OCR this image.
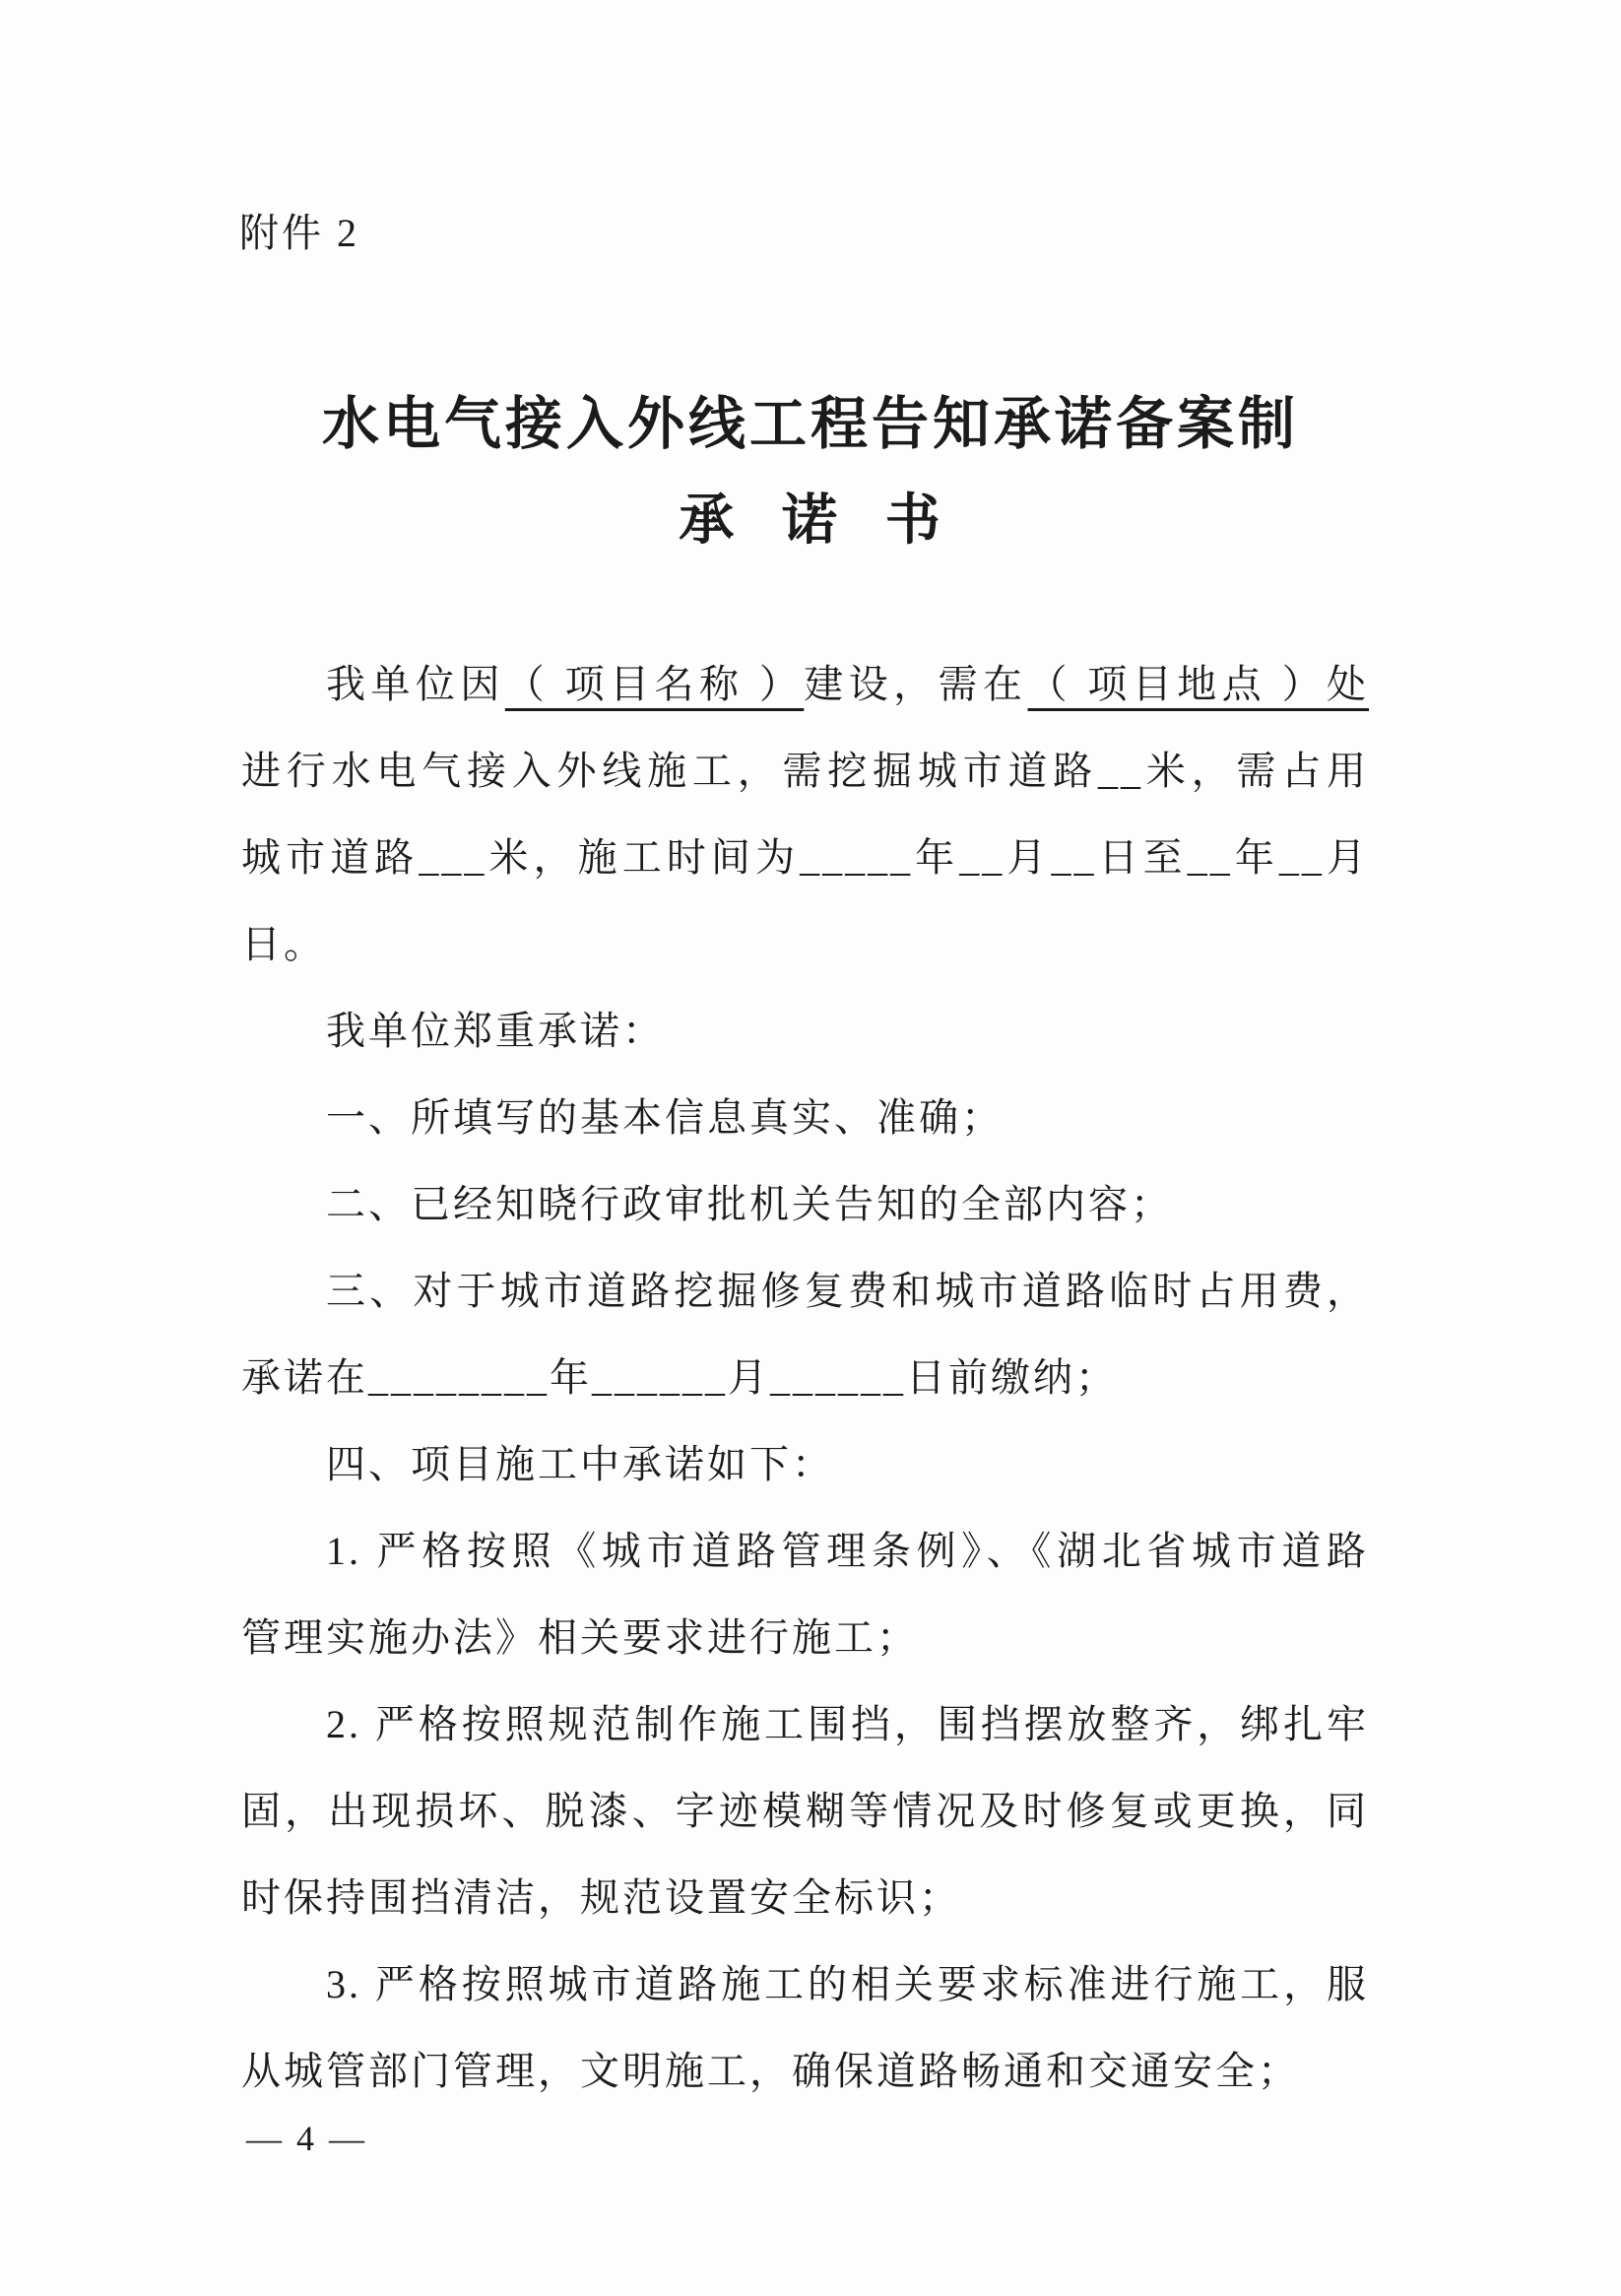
附件 2
水电气接入外线工程告知承诺备案制
承 诺 书
我单位因（ 项目名称 ）建设，需在（ 项目地点 ）处
进行水电气接入外线施工，需挖掘城市道路__米，需占用
城市道路___米，施工时间为_____年__月__日至__年__月
日。
我单位郑重承诺：
一、所填写的基本信息真实、准确；
二、已经知晓行政审批机关告知的全部内容；
三、对于城市道路挖掘修复费和城市道路临时占用费，
承诺在________年______月______日前缴纳；
四、项目施工中承诺如下：
1. 严格按照《城市道路管理条例》、《湖北省城市道路
管理实施办法》相关要求进行施工；
2. 严格按照规范制作施工围挡，围挡摆放整齐，绑扎牢
固，出现损坏、脱漆、字迹模糊等情况及时修复或更换，同
时保持围挡清洁，规范设置安全标识；
3. 严格按照城市道路施工的相关要求标准进行施工，服
从城管部门管理，文明施工，确保道路畅通和交通安全；
— 4 —
